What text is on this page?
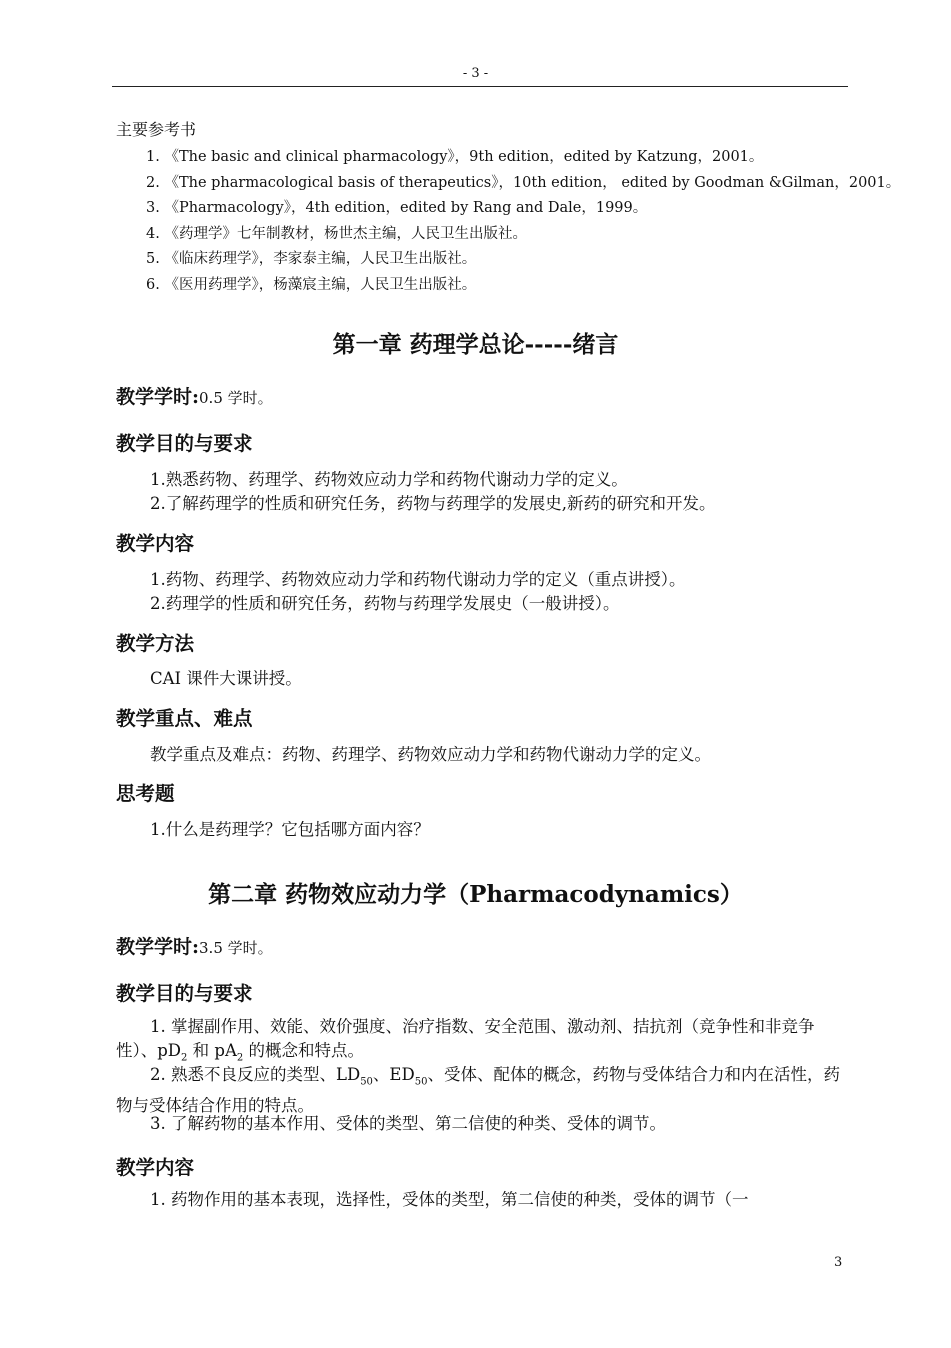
- 3 -
主要参考书
1. 《The basic and clinical pharmacology》，9th edition，edited by Katzung，2001。
2. 《The pharmacological basis of therapeutics》，10th edition， edited by Goodman &Gilman，2001。
3. 《Pharmacology》，4th edition，edited by Rang and Dale，1999。
4. 《药理学》七年制教材，杨世杰主编，人民卫生出版社。
5. 《临床药理学》，李家泰主编，人民卫生出版社。
6. 《医用药理学》，杨藻宸主编，人民卫生出版社。
第一章 药理学总论-----绪言
教学学时:0.5 学时。
教学目的与要求
1.熟悉药物、药理学、药物效应动力学和药物代谢动力学的定义。
2.了解药理学的性质和研究任务，药物与药理学的发展史,新药的研究和开发。
教学内容
1.药物、药理学、药物效应动力学和药物代谢动力学的定义（重点讲授）。
2.药理学的性质和研究任务，药物与药理学发展史（一般讲授）。
教学方法
CAI 课件大课讲授。
教学重点、难点
教学重点及难点：药物、药理学、药物效应动力学和药物代谢动力学的定义。
思考题
1.什么是药理学？它包括哪方面内容？
第二章 药物效应动力学（Pharmacodynamics）
教学学时:3.5 学时。
教学目的与要求
1. 掌握副作用、效能、效价强度、治疗指数、安全范围、激动剂、拮抗剂（竞争性和非竞争性）、$pD_2$ 和 $pA_2$ 的概念和特点。
2. 熟悉不良反应的类型、$LD_{50}$、$ED_{50}$、受体、配体的概念，药物与受体结合力和内在活性，药物与受体结合作用的特点。
3. 了解药物的基本作用、受体的类型、第二信使的种类、受体的调节。
教学内容
1. 药物作用的基本表现，选择性，受体的类型，第二信使的种类，受体的调节（一
3
